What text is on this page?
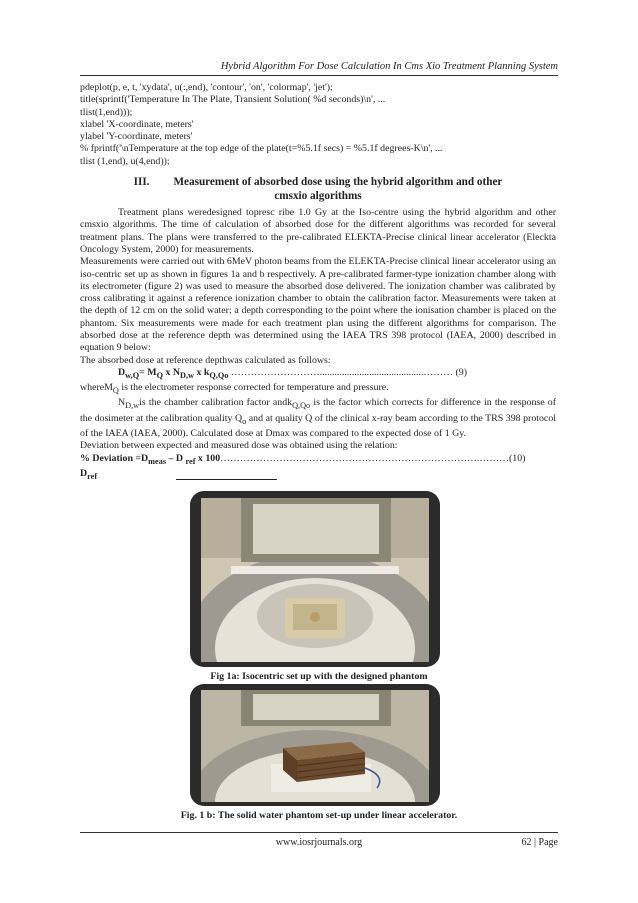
Hybrid Algorithm For Dose Calculation In Cms Xio Treatment Planning System
pdeplot(p, e, t, 'xydata', u(:,end), 'contour', 'on', 'colormap', 'jet');
title(sprintf('Temperature In The Plate, Transient Solution( %d seconds)\n', ...
tlist(1,end)));
xlabel 'X-coordinate, meters'
ylabel 'Y-coordinate, meters'
% fprintf('\nTemperature at the top edge of the plate(t=%5.1f secs) = %5.1f degrees-K\n', ...
tlist (1,end), u(4,end));
III. Measurement of absorbed dose using the hybrid algorithm and other
cmsxio algorithms

Treatment plans weredesigned topresc ribe 1.0 Gy at the Iso-centre using the hybrid algorithm and other cmsxio algorithms. The time of calculation of absorbed dose for the different algorithms was recorded for several treatment plans. The plans were transferred to the pre-calibrated ELEKTA-Precise clinical linear accelerator (Eleckta Oncology System, 2000) for measurements.

Measurements were carried out with 6MeV photon beams from the ELEKTA-Precise clinical linear accelerator using an iso-centric set up as shown in figures 1a and b respectively. A pre-calibrated farmer-type ionization chamber along with its electrometer (figure 2) was used to measure the absorbed dose delivered. The ionization chamber was calibrated by cross calibrating it against a reference ionization chamber to obtain the calibration factor. Measurements were taken at the depth of 12 cm on the solid water; a depth corresponding to the point where the ionisation chamber is placed on the phantom. Six measurements were made for each treatment plan using the different algorithms for comparison. The absorbed dose at the reference depth was determined using the IAEA TRS 398 protocol (IAEA, 2000) described in equation 9 below:

The absorbed dose at reference depthwas calculated as follows:

$D_{w,Q}= M_Q$ x $N_{D,w}$ x $k_{Q,Qo}$ ………………………..........................................……… (9)

whereM$_Q$ is the electrometer response corrected for temperature and pressure.

$N_{D,w}is$ the chamber calibration factor andk$_{Q,Qo}$ is the factor which corrects for difference in the response of the dosimeter at the calibration quality $Q_o$ and at quality Q of the clinical x-ray beam according to the TRS 398 protocol of the IAEA (IAEA, 2000). Calculated dose at Dmax was compared to the expected dose of 1 Gy.

Deviation between expected and measured dose was obtained using the relation:

% Deviation $=D_{meas} - D$ $_{ref}$ x 100…………………………………………………………………….………(10)
$D_{ref}$
Fig 1a: Isocentric set up with the designed phantom
Fig. 1 b: The solid water phantom set-up under linear accelerator.
www.iosrjournals.org	62 | Page
